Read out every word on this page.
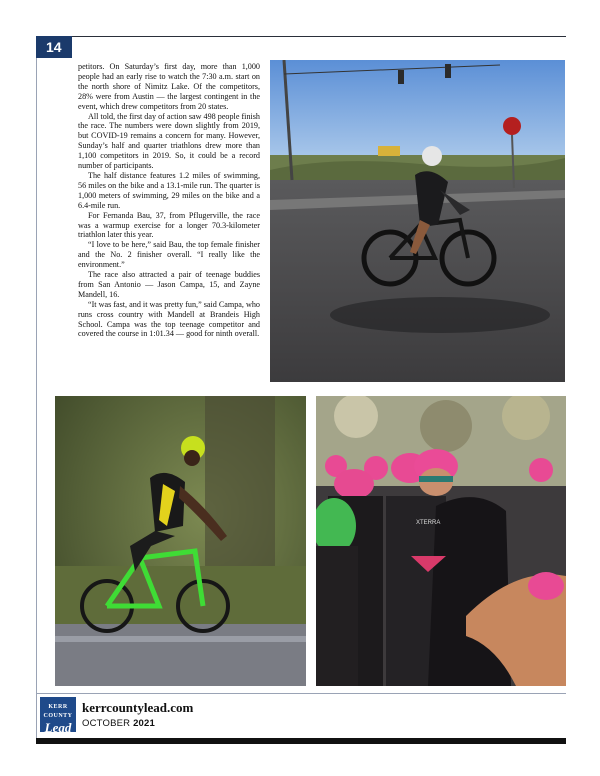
14

petitors. On Saturday’s first day, more than 1,000 people had an early rise to watch the 7:30 a.m. start on the north shore of Nimitz Lake. Of the competitors, 28% were from Austin — the largest contingent in the event, which drew competitors from 20 states.

All told, the first day of action saw 498 people finish the race. The numbers were down slightly from 2019, but COVID-19 remains a concern for many. However, Sunday’s half and quarter triathlons drew more than 1,100 competitors in 2019. So, it could be a record number of participants.

The half distance features 1.2 miles of swimming, 56 miles on the bike and a 13.1-mile run. The quarter is 1,000 meters of swimming, 29 miles on the bike and a 6.4-mile run.

For Fernanda Bau, 37, from Pflugerville, the race was a warmup exercise for a longer 70.3-kilometer triathlon later this year.

“I love to be here,” said Bau, the top female finisher and the No. 2 finisher overall. “I really like the environment.”

The race also attracted a pair of teenage buddies from San Antonio — Jason Campa, 15, and Zayne Mandell, 16.

“It was fast, and it was pretty fun,” said Campa, who runs cross country with Mandell at Brandeis High School. Campa was the top teenage competitor and covered the course in 1:01.34 — good for ninth overall.

XTERRA
KERR COUNTY
Lead
kerrcountylead.com
OCTOBER 2021
